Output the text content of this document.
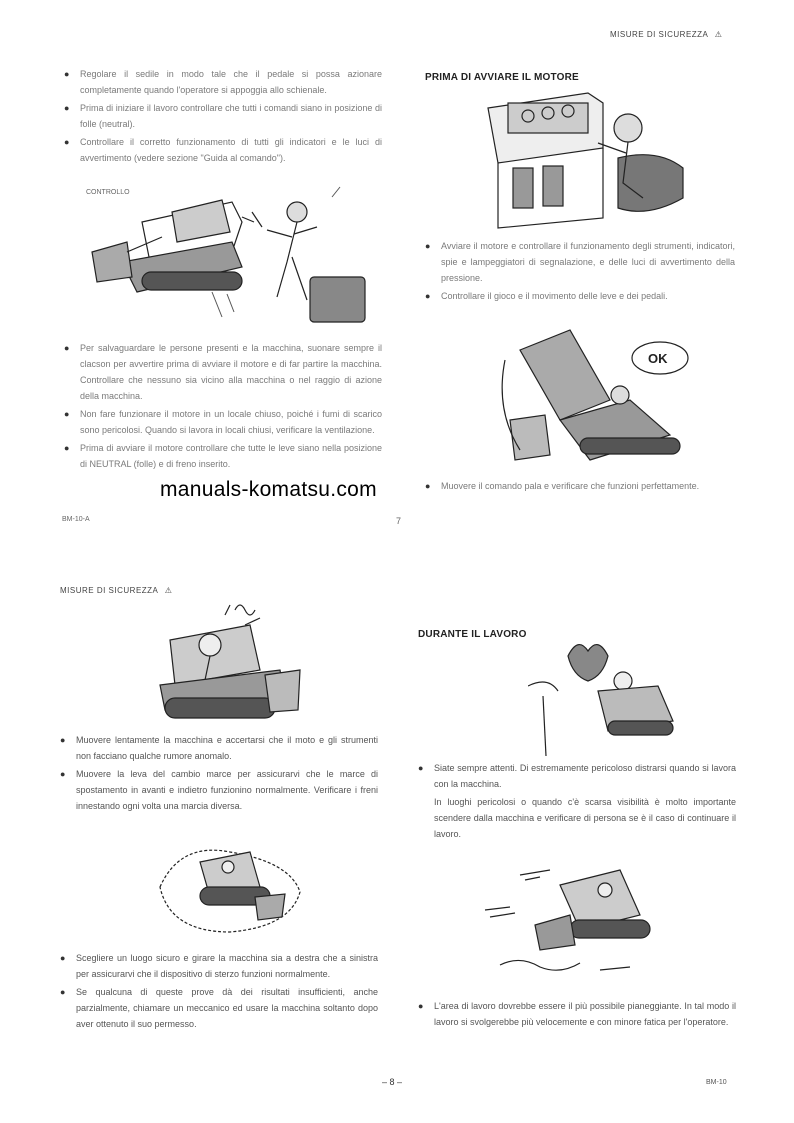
MISURE DI SICUREZZA ⚠
● Regolare il sedile in modo tale che il pedale si possa azionare completamente quando l'operatore si appoggia allo schienale.
● Prima di iniziare il lavoro controllare che tutti i comandi siano in posizione di folle (neutral).
● Controllare il corretto funzionamento di tutti gli indicatori e le luci di avvertimento (vedere sezione "Guida al comando").
CONTROLLO
● Per salvaguardare le persone presenti e la macchina, suonare sempre il clacson per avvertire prima di avviare il motore e di far partire la macchina. Controllare che nessuno sia vicino alla macchina o nel raggio di azione della macchina.
● Non fare funzionare il motore in un locale chiuso, poiché i fumi di scarico sono pericolosi. Quando si lavora in locali chiusi, verificare la ventilazione.
● Prima di avviare il motore controllare che tutte le leve siano nella posizione di NEUTRAL (folle) e di freno inserito.
PRIMA DI AVVIARE IL MOTORE
● Avviare il motore e controllare il funzionamento degli strumenti, indicatori, spie e lampeggiatori di segnalazione, e delle luci di avvertimento della pressione.
● Controllare il gioco e il movimento delle leve e dei pedali.
OK
● Muovere il comando pala e verificare che funzioni perfettamente.
manuals-komatsu.com
BM-10-A	7
MISURE DI SICUREZZA ⚠
● Muovere lentamente la macchina e accertarsi che il moto e gli strumenti non facciano qualche rumore anomalo.
● Muovere la leva del cambio marce per assicurarvi che le marce di spostamento in avanti e indietro funzionino normalmente. Verificare i freni innestando ogni volta una marcia diversa.
● Scegliere un luogo sicuro e girare la macchina sia a destra che a sinistra per assicurarvi che il dispositivo di sterzo funzioni normalmente.
● Se qualcuna di queste prove dà dei risultati insufficienti, anche parzialmente, chiamare un meccanico ed usare la macchina soltanto dopo aver ottenuto il suo permesso.
DURANTE IL LAVORO
● Siate sempre attenti. Di estremamente pericoloso distrarsi quando si lavora con la macchina.
In luoghi pericolosi o quando c'è scarsa visibilità è molto importante scendere dalla macchina e verificare di persona se è il caso di continuare il lavoro.
● L'area di lavoro dovrebbe essere il più possibile pianeggiante. In tal modo il lavoro si svolgerebbe più velocemente e con minore fatica per l'operatore.
– 8 –	BM-10
